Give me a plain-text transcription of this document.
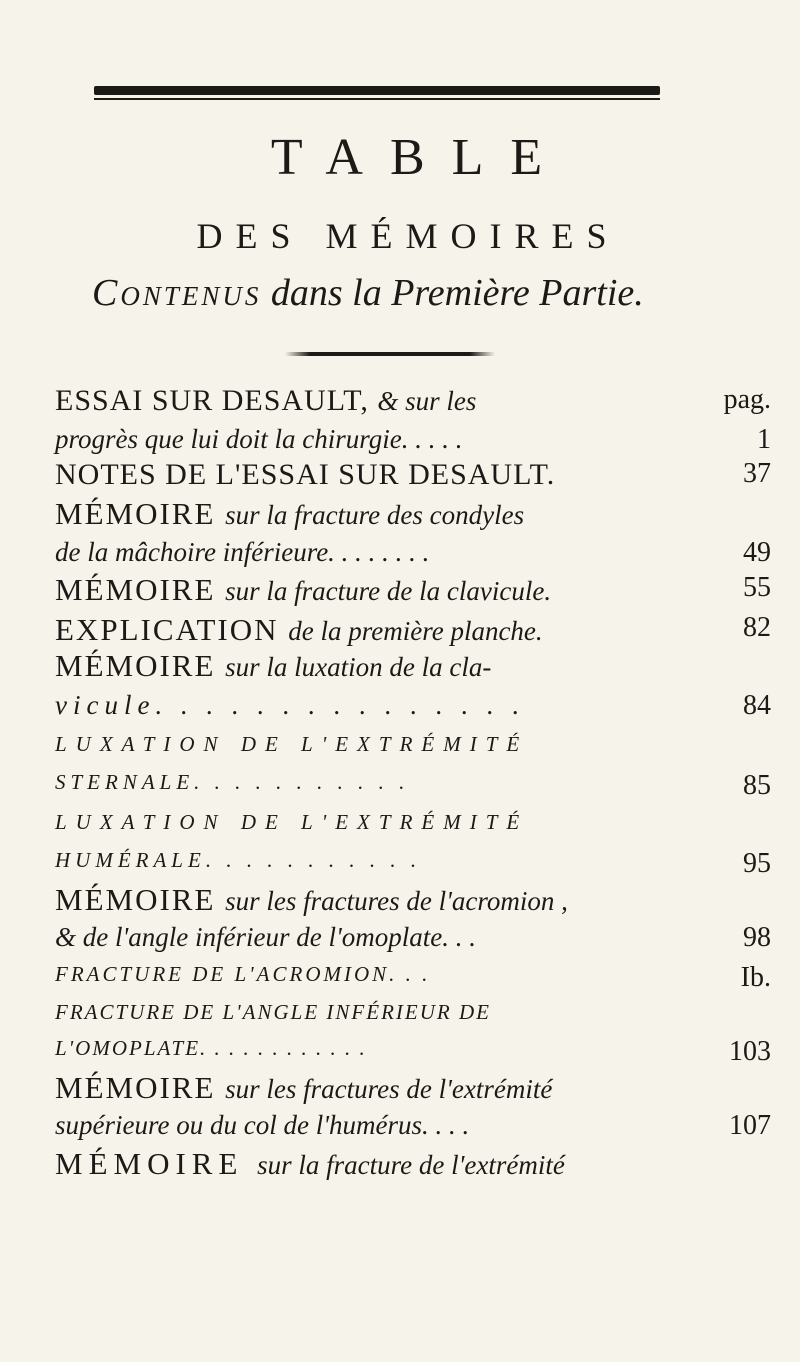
TABLE
DES MÉMOIRES
Contenus dans la Première Partie.
ESSAI SUR DESAULT, & sur les	pag.
progrès que lui doit la chirurgie. . . . .	1
NOTES DE L'ESSAI SUR DESAULT.	37
MÉMOIRE sur la fracture des condyles
de la mâchoire inférieure. . . . . . . .	49
MÉMOIRE sur la fracture de la clavicule.	55
EXPLICATION de la première planche.	82
MÉMOIRE sur la luxation de la cla-
vicule. . . . . . . . . . . . . . .	84
LUXATION DE L'EXTRÉMITÉ
STERNALE. . . . . . . . . . .	85
LUXATION DE L'EXTRÉMITÉ
HUMÉRALE. . . . . . . . . . .	95
MÉMOIRE sur les fractures de l'acromion ,
& de l'angle inférieur de l'omoplate. . .	98
FRACTURE DE L'ACROMION. . .	Ib.
FRACTURE DE L'ANGLE INFÉRIEUR DE
L'OMOPLATE. . . . . . . . . . . .	103
MÉMOIRE sur les fractures de l'extrémité
supérieure ou du col de l'humérus. . . .	107
MÉMOIRE sur la fracture de l'extrémité
